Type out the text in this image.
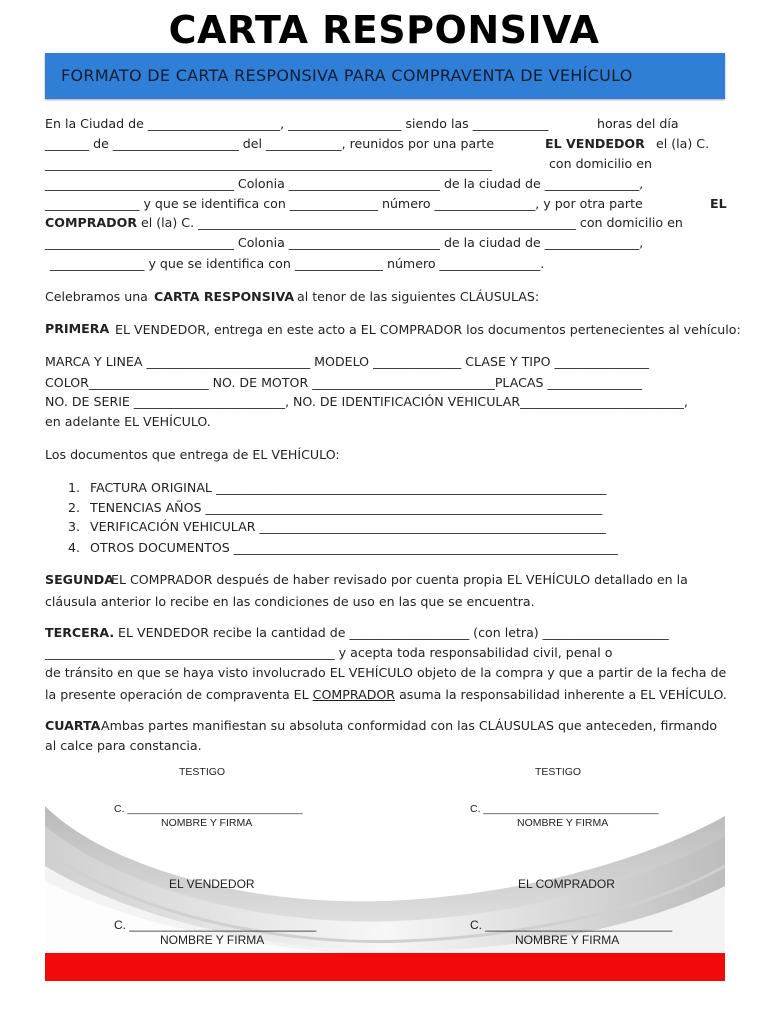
CARTA RESPONSIVA
FORMATO DE CARTA RESPONSIVA PARA COMPRAVENTA DE VEHÍCULO
En la Ciudad de _____________________, __________________ siendo las ____________	horas del día
_______ de ____________________ del ____________, reunidos por una parte	EL VENDEDOR el (la) C.
_______________________________________________________________________	con domicilio en
______________________________ Colonia ________________________ de la ciudad de _______________,
_______________ y que se identifica con ______________ número ________________, y por otra parte	EL
COMPRADOR el (la) C. ____________________________________________________________ con domicilio en
______________________________ Colonia ________________________ de la ciudad de _______________,
_______________ y que se identifica con ______________ número ________________.
Celebramos una CARTA RESPONSIVA al tenor de las siguientes CLÁUSULAS:
PRIMERA EL VENDEDOR, entrega en este acto a EL COMPRADOR los documentos pertenecientes al vehículo:
MARCA Y LINEA __________________________ MODELO ______________ CLASE Y TIPO _______________
COLOR___________________ NO. DE MOTOR _____________________________PLACAS _______________
NO. DE SERIE ________________________, NO. DE IDENTIFICACIÓN VEHICULAR__________________________,
en adelante EL VEHÍCULO.
Los documentos que entrega de EL VEHÍCULO:
1. FACTURA ORIGINAL ______________________________________________________________
2. TENENCIAS AÑOS _______________________________________________________________
3. VERIFICACIÓN VEHICULAR _______________________________________________________
4. OTROS DOCUMENTOS _____________________________________________________________
SEGUNDA
EL COMPRADOR después de haber revisado por cuenta propia EL VEHÍCULO detallado en la
cláusula anterior lo recibe en las condiciones de uso en las que se encuentra.
TERCERA. EL VENDEDOR recibe la cantidad de ___________________ (con letra) ____________________
______________________________________________ y acepta toda responsabilidad civil, penal o
de tránsito en que se haya visto involucrado EL VEHÍCULO objeto de la compra y que a partir de la fecha de
la presente operación de compraventa EL COMPRADOR asuma la responsabilidad inherente a EL VEHÍCULO.
CUARTA Ambas partes manifiestan su absoluta conformidad con las CLÁUSULAS que anteceden, firmando
al calce para constancia.
TESTIGO	TESTIGO
C. ______________________________	C. ______________________________
NOMBRE Y FIRMA	NOMBRE Y FIRMA
EL VENDEDOR	EL COMPRADOR
C. ____________________________	C. ____________________________
NOMBRE Y FIRMA	NOMBRE Y FIRMA
